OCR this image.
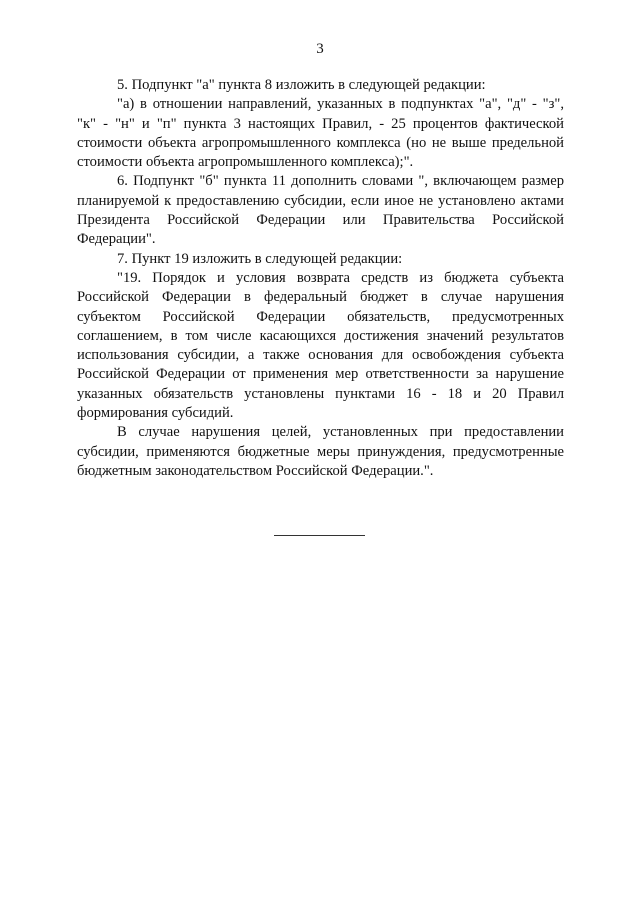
3

5. Подпункт "а" пункта 8 изложить в следующей редакции:

"а) в отношении направлений, указанных в подпунктах "а", "д" - "з", "к" - "н" и "п" пункта 3 настоящих Правил, - 25 процентов фактической стоимости объекта агропромышленного комплекса (но не выше предельной стоимости объекта агропромышленного комплекса);".

6. Подпункт "б" пункта 11 дополнить словами ", включающем размер планируемой к предоставлению субсидии, если иное не установлено актами Президента Российской Федерации или Правительства Российской Федерации".

7. Пункт 19 изложить в следующей редакции:

"19. Порядок и условия возврата средств из бюджета субъекта Российской Федерации в федеральный бюджет в случае нарушения субъектом Российской Федерации обязательств, предусмотренных соглашением, в том числе касающихся достижения значений результатов использования субсидии, а также основания для освобождения субъекта Российской Федерации от применения мер ответственности за нарушение указанных обязательств установлены пунктами 16 - 18 и 20 Правил формирования субсидий.

В случае нарушения целей, установленных при предоставлении субсидии, применяются бюджетные меры принуждения, предусмотренные бюджетным законодательством Российской Федерации.".
